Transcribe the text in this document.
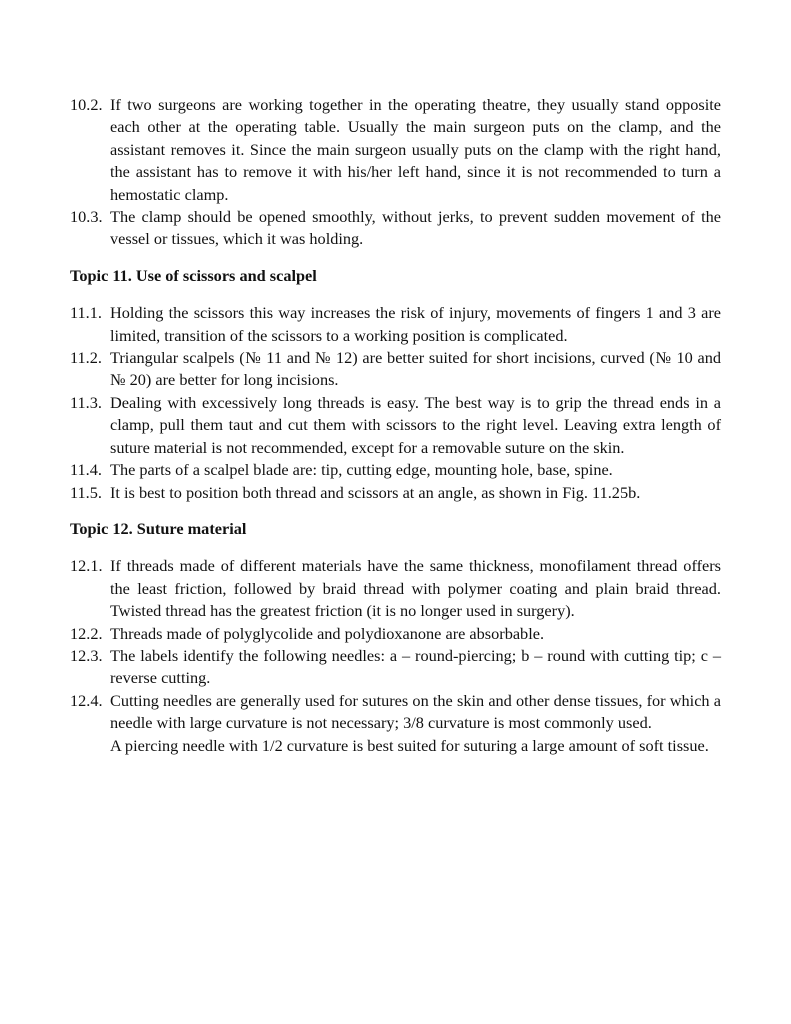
10.2. If two surgeons are working together in the operating theatre, they usually stand opposite each other at the operating table. Usually the main surgeon puts on the clamp, and the assistant removes it. Since the main surgeon usually puts on the clamp with the right hand, the assistant has to remove it with his/her left hand, since it is not recommended to turn a hemostatic clamp.
10.3. The clamp should be opened smoothly, without jerks, to prevent sudden movement of the vessel or tissues, which it was holding.
Topic 11. Use of scissors and scalpel
11.1. Holding the scissors this way increases the risk of injury, movements of fingers 1 and 3 are limited, transition of the scissors to a working position is complicated.
11.2. Triangular scalpels (№ 11 and № 12) are better suited for short incisions, curved (№ 10 and № 20) are better for long incisions.
11.3. Dealing with excessively long threads is easy. The best way is to grip the thread ends in a clamp, pull them taut and cut them with scissors to the right level. Leaving extra length of suture material is not recommended, except for a removable suture on the skin.
11.4. The parts of a scalpel blade are: tip, cutting edge, mounting hole, base, spine.
11.5. It is best to position both thread and scissors at an angle, as shown in Fig. 11.25b.
Topic 12. Suture material
12.1. If threads made of different materials have the same thickness, monofilament thread offers the least friction, followed by braid thread with polymer coating and plain braid thread. Twisted thread has the greatest friction (it is no longer used in surgery).
12.2. Threads made of polyglycolide and polydioxanone are absorbable.
12.3. The labels identify the following needles: a – round-piercing; b – round with cutting tip; c – reverse cutting.
12.4. Cutting needles are generally used for sutures on the skin and other dense tissues, for which a needle with large curvature is not necessary; 3/8 curvature is most commonly used.
A piercing needle with 1/2 curvature is best suited for suturing a large amount of soft tissue.
